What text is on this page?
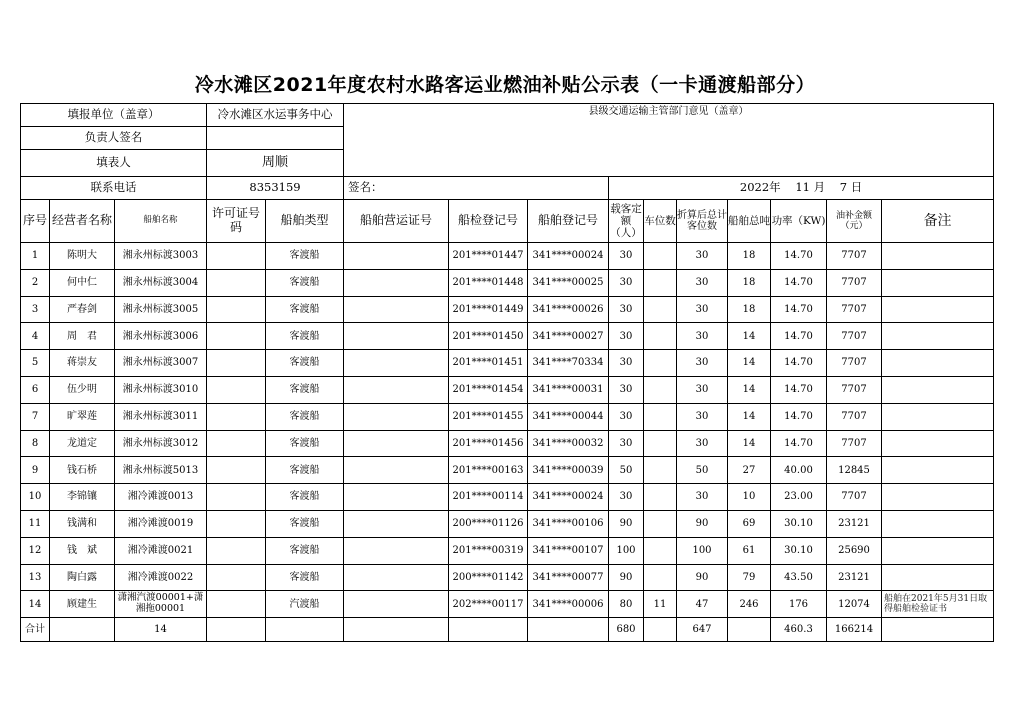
冷水滩区2021年度农村水路客运业燃油补贴公示表（一卡通渡船部分）
填报单位（盖章）			冷水滩区水运事务中心		县级交通运输主管部门意见（盖章）									
负责人签名														
填表人			周顺											
联系电话			8353159		签名：			2022年 11 月 7 日						
序号	经营者名称	船舶名称	许可证号码	船舶类型	船舶营运证号	船检登记号	船舶登记号	载客定额（人）	车位数	折算后总计客位数	船舶总吨	功率（KW)	油补金额（元）	备注
1	陈明大	湘永州标渡3003		客渡船		201****01447	341****00024	30		30	18	14.70	7707	
2	何中仁	湘永州标渡3004		客渡船		201****01448	341****00025	30		30	18	14.70	7707	
3	严春剑	湘永州标渡3005		客渡船		201****01449	341****00026	30		30	18	14.70	7707	
4	周　君	湘永州标渡3006		客渡船		201****01450	341****00027	30		30	14	14.70	7707	
5	蒋崇友	湘永州标渡3007		客渡船		201****01451	341****70334	30		30	14	14.70	7707	
6	伍少明	湘永州标渡3010		客渡船		201****01454	341****00031	30		30	14	14.70	7707	
7	旷翠莲	湘永州标渡3011		客渡船		201****01455	341****00044	30		30	14	14.70	7707	
8	龙道定	湘永州标渡3012		客渡船		201****01456	341****00032	30		30	14	14.70	7707	
9	钱石桥	湘永州标渡5013		客渡船		201****00163	341****00039	50		50	27	40.00	12845	
10	李锦镶	湘冷滩渡0013		客渡船		201****00114	341****00024	30		30	10	23.00	7707	
11	钱满和	湘冷滩渡0019		客渡船		200****01126	341****00106	90		90	69	30.10	23121	
12	钱　斌	湘冷滩渡0021		客渡船		201****00319	341****00107	100		100	61	30.10	25690	
13	陶白露	湘冷滩渡0022		客渡船		200****01142	341****00077	90		90	79	43.50	23121	
14	顾建生	潇湘汽渡00001+潇湘拖00001		汽渡船		202****00117	341****00006	80	11	47	246	176	12074	船舶在2021年5月31日取得船舶检验证书
合计		14						680		647		460.3	166214	
